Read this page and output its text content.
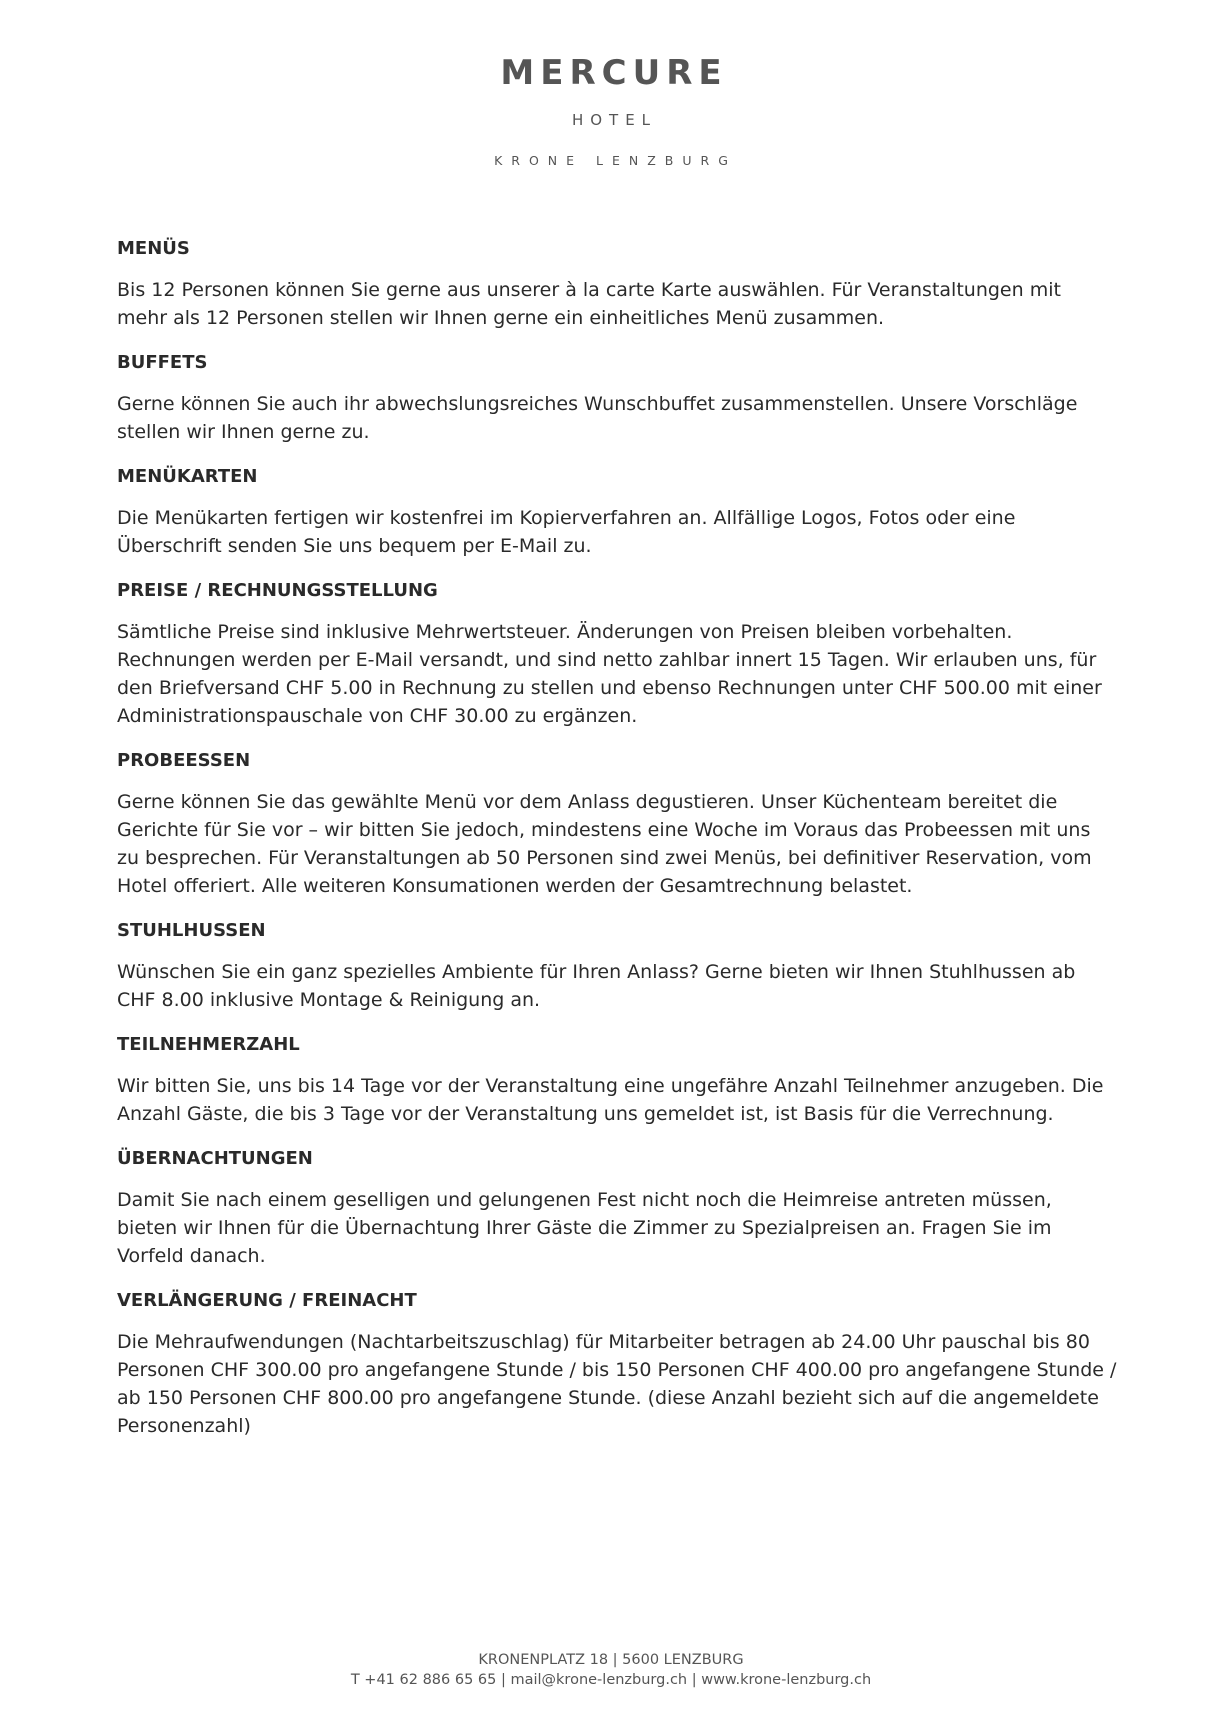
MERCURE
HOTEL
KRONE LENZBURG
MENÜS

Bis 12 Personen können Sie gerne aus unserer à la carte Karte auswählen. Für Veranstaltungen mit mehr als 12 Personen stellen wir Ihnen gerne ein einheitliches Menü zusammen.

BUFFETS

Gerne können Sie auch ihr abwechslungsreiches Wunschbuffet zusammenstellen. Unsere Vorschläge stellen wir Ihnen gerne zu.

MENÜKARTEN

Die Menükarten fertigen wir kostenfrei im Kopierverfahren an. Allfällige Logos, Fotos oder eine Überschrift senden Sie uns bequem per E-Mail zu.

PREISE / RECHNUNGSSTELLUNG

Sämtliche Preise sind inklusive Mehrwertsteuer. Änderungen von Preisen bleiben vorbehalten. Rechnungen werden per E-Mail versandt, und sind netto zahlbar innert 15 Tagen. Wir erlauben uns, für den Briefversand CHF 5.00 in Rechnung zu stellen und ebenso Rechnungen unter CHF 500.00 mit einer Administrationspauschale von CHF 30.00 zu ergänzen.

PROBEESSEN

Gerne können Sie das gewählte Menü vor dem Anlass degustieren. Unser Küchenteam bereitet die Gerichte für Sie vor – wir bitten Sie jedoch, mindestens eine Woche im Voraus das Probeessen mit uns zu besprechen. Für Veranstaltungen ab 50 Personen sind zwei Menüs, bei definitiver Reservation, vom Hotel offeriert. Alle weiteren Konsumationen werden der Gesamtrechnung belastet.

STUHLHUSSEN

Wünschen Sie ein ganz spezielles Ambiente für Ihren Anlass? Gerne bieten wir Ihnen Stuhlhussen ab CHF 8.00 inklusive Montage & Reinigung an.

TEILNEHMERZAHL

Wir bitten Sie, uns bis 14 Tage vor der Veranstaltung eine ungefähre Anzahl Teilnehmer anzugeben. Die Anzahl Gäste, die bis 3 Tage vor der Veranstaltung uns gemeldet ist, ist Basis für die Verrechnung.

ÜBERNACHTUNGEN

Damit Sie nach einem geselligen und gelungenen Fest nicht noch die Heimreise antreten müssen, bieten wir Ihnen für die Übernachtung Ihrer Gäste die Zimmer zu Spezialpreisen an. Fragen Sie im Vorfeld danach.

VERLÄNGERUNG / FREINACHT

Die Mehraufwendungen (Nachtarbeitszuschlag) für Mitarbeiter betragen ab 24.00 Uhr pauschal bis 80 Personen CHF 300.00 pro angefangene Stunde / bis 150 Personen CHF 400.00 pro angefangene Stunde / ab 150 Personen CHF 800.00 pro angefangene Stunde. (diese Anzahl bezieht sich auf die angemeldete Personenzahl)

KRONENPLATZ 18 | 5600 LENZBURG
T +41 62 886 65 65 | mail@krone-lenzburg.ch | www.krone-lenzburg.ch
